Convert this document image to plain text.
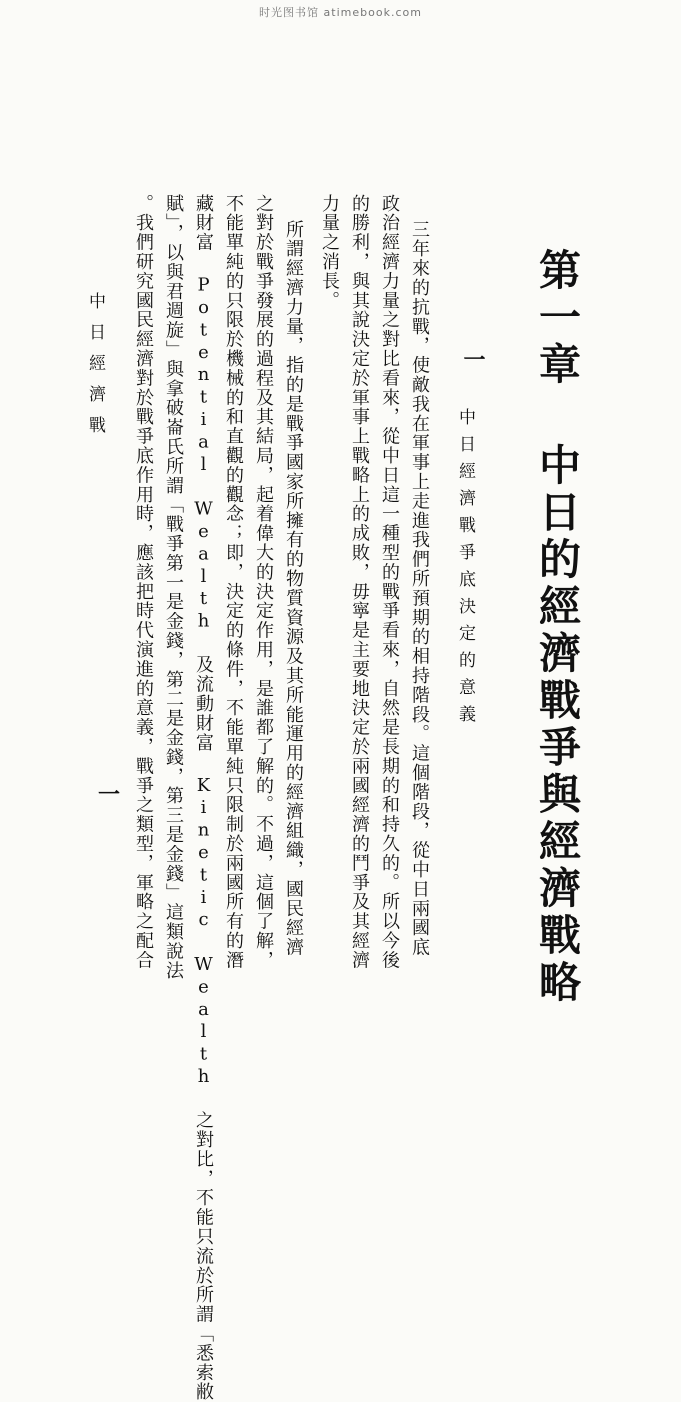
时光图书馆 atimebook.com
第一章 中日的經濟戰爭與經濟戰略
一
中日經濟戰爭底決定的意義
三年來的抗戰，使敵我在軍事上走進我們所預期的相持階段。這個階段，從中日兩國底
政治經濟力量之對比看來，從中日這一種型的戰爭看來，自然是長期的和持久的。所以今後
的勝利，與其說決定於軍事上戰略上的成敗，毋寧是主要地決定於兩國經濟的鬥爭及其經濟
力量之消長。
所謂經濟力量，指的是戰爭國家所擁有的物質資源及其所能運用的經濟組織，國民經濟
之對於戰爭發展的過程及其結局，起着偉大的決定作用，是誰都了解的。不過，這個了解，
不能單純的只限於機械的和直觀的觀念；即，決定的條件，不能單純只限制於兩國所有的潛
藏財富 Potential Wealth 及流動財富 Kinetic Wealth 之對比，不能只流於所謂「悉索敝
賦」，以與君週旋」與拿破崙氏所謂「戰爭第一是金錢，第二是金錢，第三是金錢」這類說法
。我們研究國民經濟對於戰爭底作用時，應該把時代演進的意義，戰爭之類型，軍略之配合
中日經濟戰
一
